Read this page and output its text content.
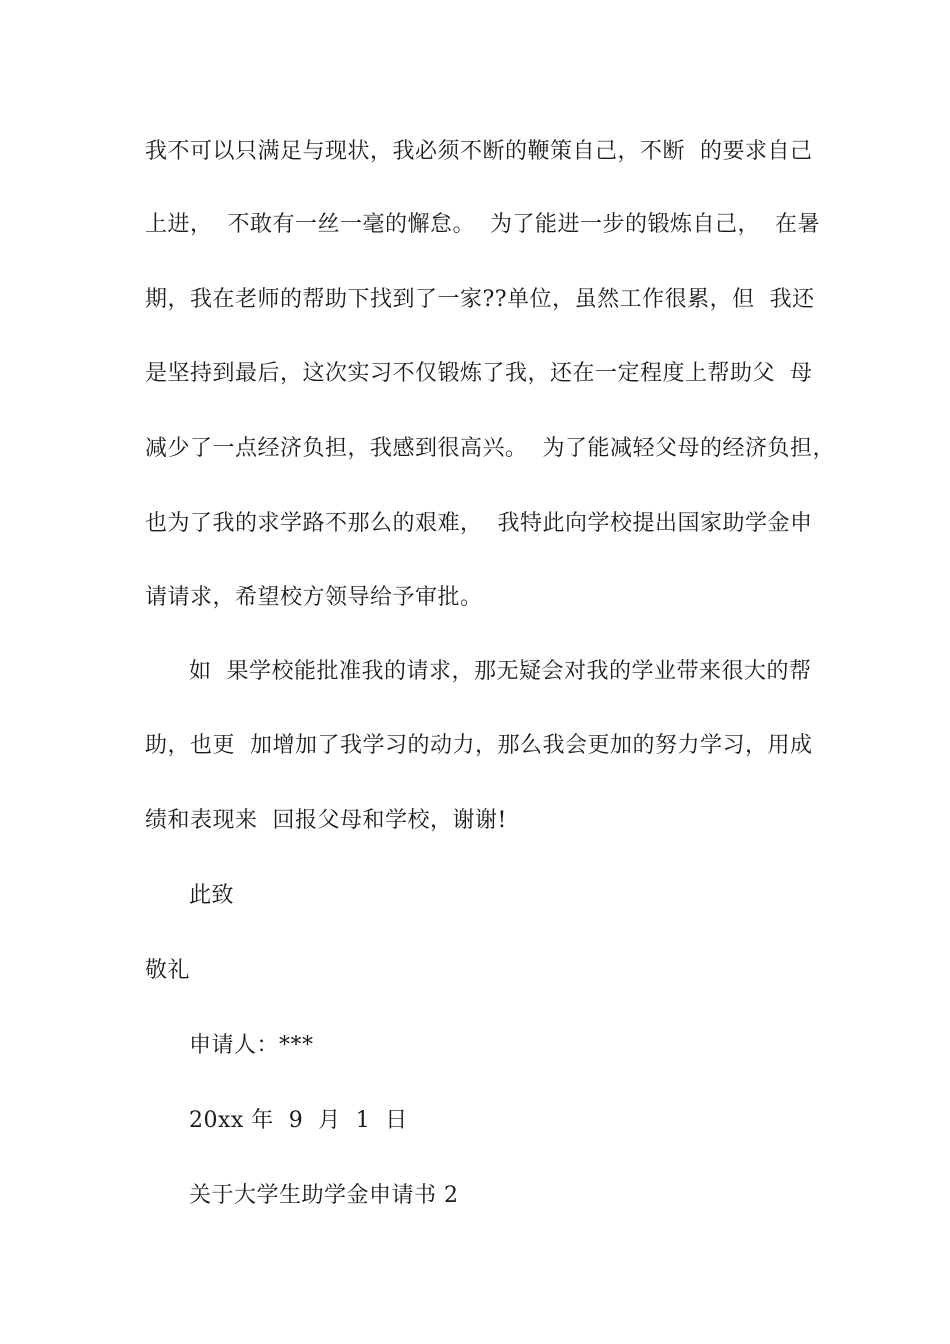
我不可以只满足与现状，我必须不断的鞭策自己，不断  的要求自己
上进，  不敢有一丝一毫的懈怠。  为了能进一步的锻炼自己，  在暑
期，我在老师的帮助下找到了一家??单位，虽然工作很累，但  我还
是坚持到最后，这次实习不仅锻炼了我，还在一定程度上帮助父  母
减少了一点经济负担，我感到很高兴。  为了能减轻父母的经济负担，
也为了我的求学路不那么的艰难，  我特此向学校提出国家助学金申
请请求，希望校方领导给予审批。
如  果学校能批准我的请求，那无疑会对我的学业带来很大的帮
助，也更  加增加了我学习的动力，那么我会更加的努力学习，用成
绩和表现来  回报父母和学校，谢谢!
此致
敬礼
申请人：***
20xx 年  9  月  1  日
关于大学生助学金申请书 2
